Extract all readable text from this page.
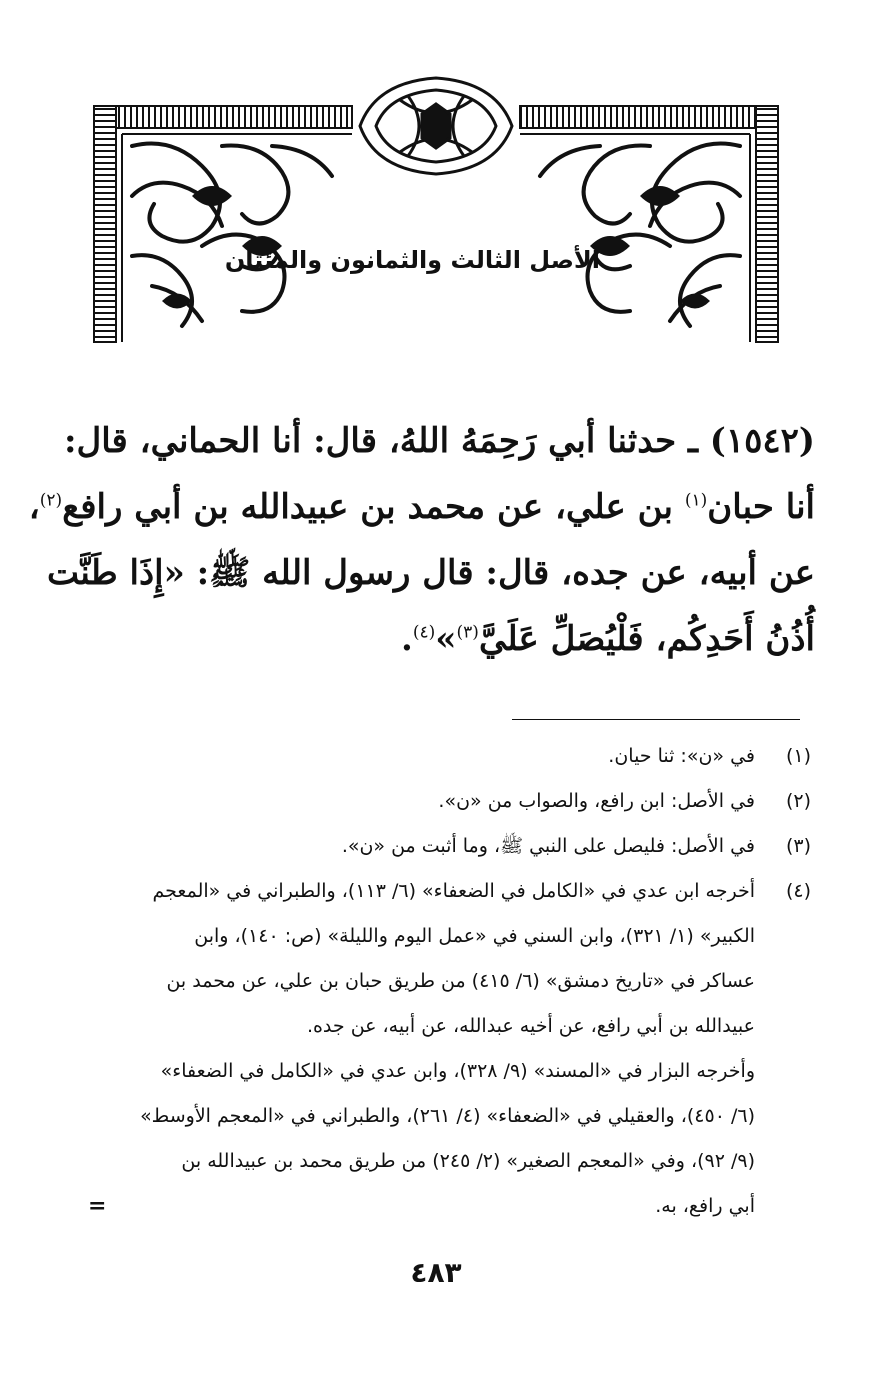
الأصل الثالث والثمانون والمئتان
(١٥٤٢) ـ حدثنا أبي رَحِمَهُ اللهُ، قال: أنا الحماني، قال:
أنا حبان$^{(١)}$ بن علي، عن محمد بن عبيدالله بن أبي رافع$^{(٢)}$،
عن أبيه، عن جده، قال: قال رسول الله ﷺ: «إِذَا طَنَّت
أُذُنُ أَحَدِكُم، فَلْيُصَلِّ عَلَيَّ$^{(٣)}$»$^{(٤)}$.
(١)
في «ن»: ثنا حيان.
(٢)
في الأصل: ابن رافع، والصواب من «ن».
(٣)
في الأصل: فليصل على النبي ﷺ، وما أثبت من «ن».
(٤)
أخرجه ابن عدي في «الكامل في الضعفاء» (٦/ ١١٣)، والطبراني في «المعجم
الكبير» (١/ ٣٢١)، وابن السني في «عمل اليوم والليلة» (ص: ١٤٠)، وابن
عساكر في «تاريخ دمشق» (٦/ ٤١٥) من طريق حبان بن علي، عن محمد بن
عبيدالله بن أبي رافع، عن أخيه عبدالله، عن أبيه، عن جده.
وأخرجه البزار في «المسند» (٩/ ٣٢٨)، وابن عدي في «الكامل في الضعفاء»
(٦/ ٤٥٠)، والعقيلي في «الضعفاء» (٤/ ٢٦١)، والطبراني في «المعجم الأوسط»
(٩/ ٩٢)، وفي «المعجم الصغير» (٢/ ٢٤٥) من طريق محمد بن عبيدالله بن
أبي رافع، به.
=
٤٨٣
